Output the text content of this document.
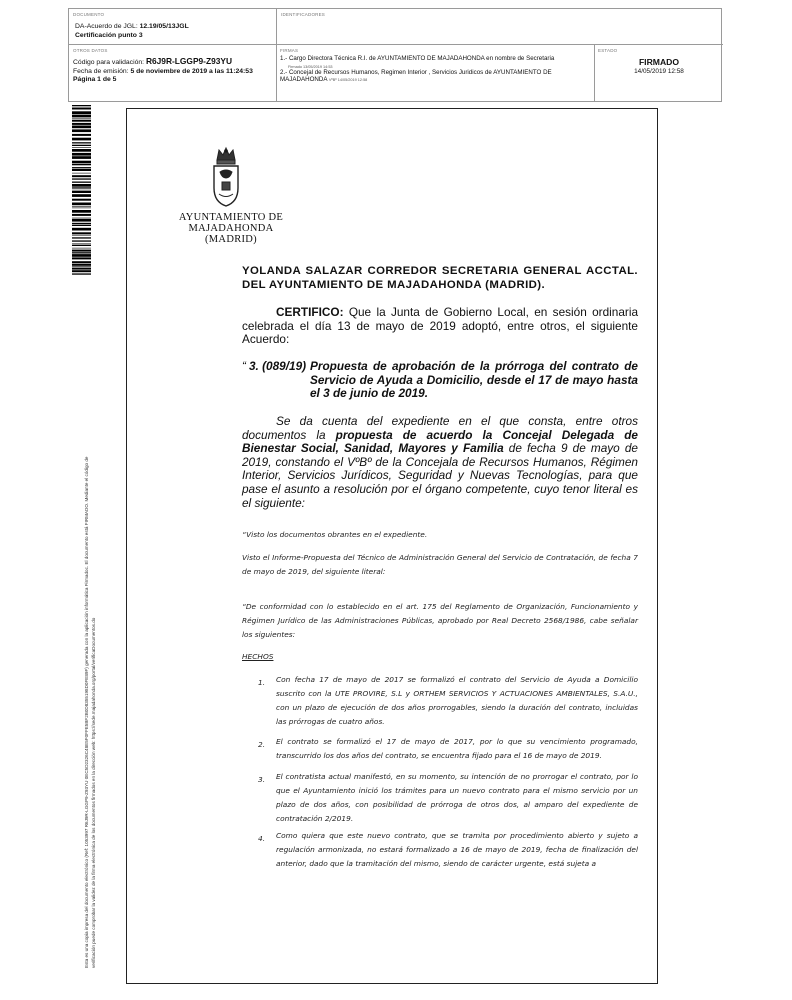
DOCUMENTO
DA-Acuerdo de JGL: 12.19/05/13JGL
Certificación punto 3
IDENTIFICADORES
OTROS DATOS
Código para validación: R6J9R-LGGP9-Z93YU
Fecha de emisión: 5 de noviembre de 2019 a las 11:24:53
Página 1 de 5
FIRMAS
1.- Cargo Directora Técnica R.I. de AYUNTAMIENTO DE MAJADAHONDA en nombre de Secretaria
Firmado 13/05/2019 14:53
2.- Concejal de Recursos Humanos, Regimen Interior , Servicios Juridicos de AYUNTAMIENTO DE
MAJADAHONDA VºBº 14/05/2019 12:58
ESTADO
FIRMADO
14/05/2019 12:58
Esta es una copia impresa del documento electrónico (Ref: 1053997 R6J9R-LGGP9-Z93YU 0EC5D2326C48E5F0FFE5BF2B0D8355198D0FE89F) generada con la aplicación informática Firmadoc. El documento está FIRMADO. Mediante el código de verificación puede comprobar la validez de la firma electrónica de los documentos firmados en la dirección web: https://sede.majadahonda.org/portal/verificaDocumentos.do
AYUNTAMIENTO DE
MAJADAHONDA
(MADRID)
YOLANDA SALAZAR CORREDOR SECRETARIA GENERAL ACCTAL. DEL AYUNTAMIENTO DE MAJADAHONDA (MADRID).
CERTIFICO: Que la Junta de Gobierno Local, en sesión ordinaria celebrada el día 13 de mayo de 2019 adoptó, entre otros, el siguiente Acuerdo:
“ 3. (089/19) Propuesta de aprobación de la prórroga del contrato de Servicio de Ayuda a Domicilio, desde el 17 de mayo hasta el 3 de junio de 2019.
Se da cuenta del expediente en el que consta, entre otros documentos la propuesta de acuerdo la Concejal Delegada de Bienestar Social, Sanidad, Mayores y Familia de fecha 9 de mayo de 2019, constando el VºBº de la Concejala de Recursos Humanos, Régimen Interior, Servicios Jurídicos, Seguridad y Nuevas Tecnologías, para que pase el asunto a resolución por el órgano competente, cuyo tenor literal es el siguiente:
“Visto los documentos obrantes en el expediente.
Visto el Informe-Propuesta del Técnico de Administración General del Servicio de Contratación, de fecha 7 de mayo de 2019, del siguiente literal:
“De conformidad con lo establecido en el art. 175 del Reglamento de Organización, Funcionamiento y Régimen Jurídico de las Administraciones Públicas, aprobado por Real Decreto 2568/1986, cabe señalar los siguientes:
HECHOS
1. Con fecha 17 de mayo de 2017 se formalizó el contrato del Servicio de Ayuda a Domicilio suscrito con la UTE PROVIRE, S.L y ORTHEM SERVICIOS Y ACTUACIONES AMBIENTALES, S.A.U., con un plazo de ejecución de dos años prorrogables, siendo la duración del contrato, incluidas las prórrogas de cuatro años.
2. El contrato se formalizó el 17 de mayo de 2017, por lo que su vencimiento programado, transcurrido los dos años del contrato, se encuentra fijado para el 16 de mayo de 2019.
3. El contratista actual manifestó, en su momento, su intención de no prorrogar el contrato, por lo que el Ayuntamiento inició los trámites para un nuevo contrato para el mismo servicio por un plazo de dos años, con posibilidad de prórroga de otros dos, al amparo del expediente de contratación 2/2019.
4. Como quiera que este nuevo contrato, que se tramita por procedimiento abierto y sujeto a regulación armonizada, no estará formalizado a 16 de mayo de 2019, fecha de finalización del anterior, dado que la tramitación del mismo, siendo de carácter urgente, está sujeta a
